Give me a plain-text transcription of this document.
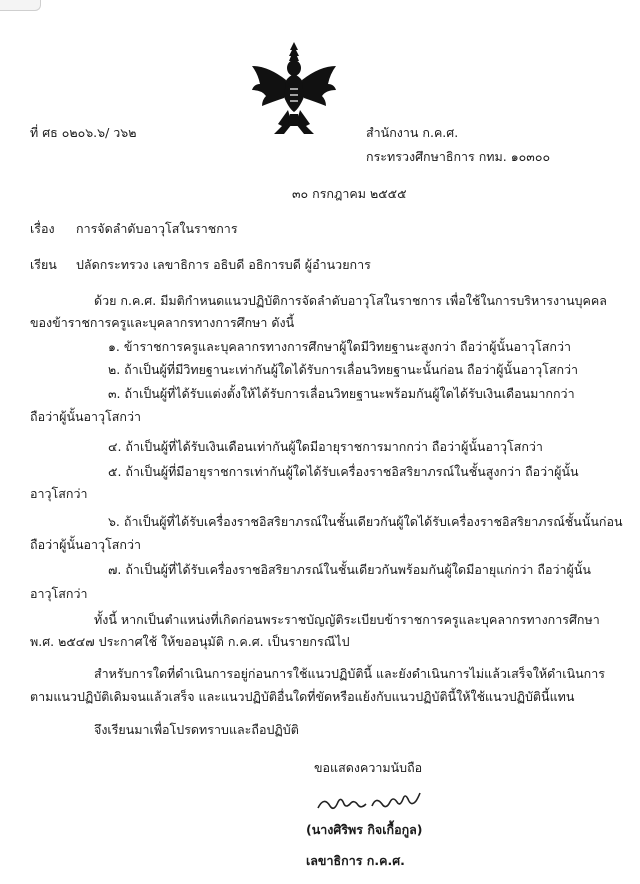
ที่ ศธ ๐๒๐๖.๖/ ว๖๒	สำนักงาน ก.ค.ศ.
กระทรวงศึกษาธิการ กทม. ๑๐๓๐๐
๓๐ กรกฎาคม ๒๕๕๕
เรื่อง การจัดลำดับอาวุโสในราชการ
เรียน ปลัดกระทรวง เลขาธิการ อธิบดี อธิการบดี ผู้อำนวยการ
ด้วย ก.ค.ศ. มีมติกำหนดแนวปฏิบัติการจัดลำดับอาวุโสในราชการ เพื่อใช้ในการบริหารงานบุคคล
ของข้าราชการครูและบุคลากรทางการศึกษา ดังนี้
๑. ข้าราชการครูและบุคลากรทางการศึกษาผู้ใดมีวิทยฐานะสูงกว่า ถือว่าผู้นั้นอาวุโสกว่า
๒. ถ้าเป็นผู้ที่มีวิทยฐานะเท่ากันผู้ใดได้รับการเลื่อนวิทยฐานะนั้นก่อน ถือว่าผู้นั้นอาวุโสกว่า
๓. ถ้าเป็นผู้ที่ได้รับแต่งตั้งให้ได้รับการเลื่อนวิทยฐานะพร้อมกันผู้ใดได้รับเงินเดือนมากกว่า
ถือว่าผู้นั้นอาวุโสกว่า
๔. ถ้าเป็นผู้ที่ได้รับเงินเดือนเท่ากันผู้ใดมีอายุราชการมากกว่า ถือว่าผู้นั้นอาวุโสกว่า
๕. ถ้าเป็นผู้ที่มีอายุราชการเท่ากันผู้ใดได้รับเครื่องราชอิสริยาภรณ์ในชั้นสูงกว่า ถือว่าผู้นั้น
อาวุโสกว่า
๖. ถ้าเป็นผู้ที่ได้รับเครื่องราชอิสริยาภรณ์ในชั้นเดียวกันผู้ใดได้รับเครื่องราชอิสริยาภรณ์ชั้นนั้นก่อน
ถือว่าผู้นั้นอาวุโสกว่า
๗. ถ้าเป็นผู้ที่ได้รับเครื่องราชอิสริยาภรณ์ในชั้นเดียวกันพร้อมกันผู้ใดมีอายุแก่กว่า ถือว่าผู้นั้น
อาวุโสกว่า
ทั้งนี้ หากเป็นตำแหน่งที่เกิดก่อนพระราชบัญญัติระเบียบข้าราชการครูและบุคลากรทางการศึกษา
พ.ศ. ๒๕๔๗ ประกาศใช้ ให้ขออนุมัติ ก.ค.ศ. เป็นรายกรณีไป
สำหรับการใดที่ดำเนินการอยู่ก่อนการใช้แนวปฏิบัตินี้ และยังดำเนินการไม่แล้วเสร็จให้ดำเนินการ
ตามแนวปฏิบัติเดิมจนแล้วเสร็จ และแนวปฏิบัติอื่นใดที่ขัดหรือแย้งกับแนวปฏิบัตินี้ให้ใช้แนวปฏิบัตินี้แทน
จึงเรียนมาเพื่อโปรดทราบและถือปฏิบัติ
ขอแสดงความนับถือ
(นางศิริพร กิจเกื้อกูล)
เลขาธิการ ก.ค.ศ.
